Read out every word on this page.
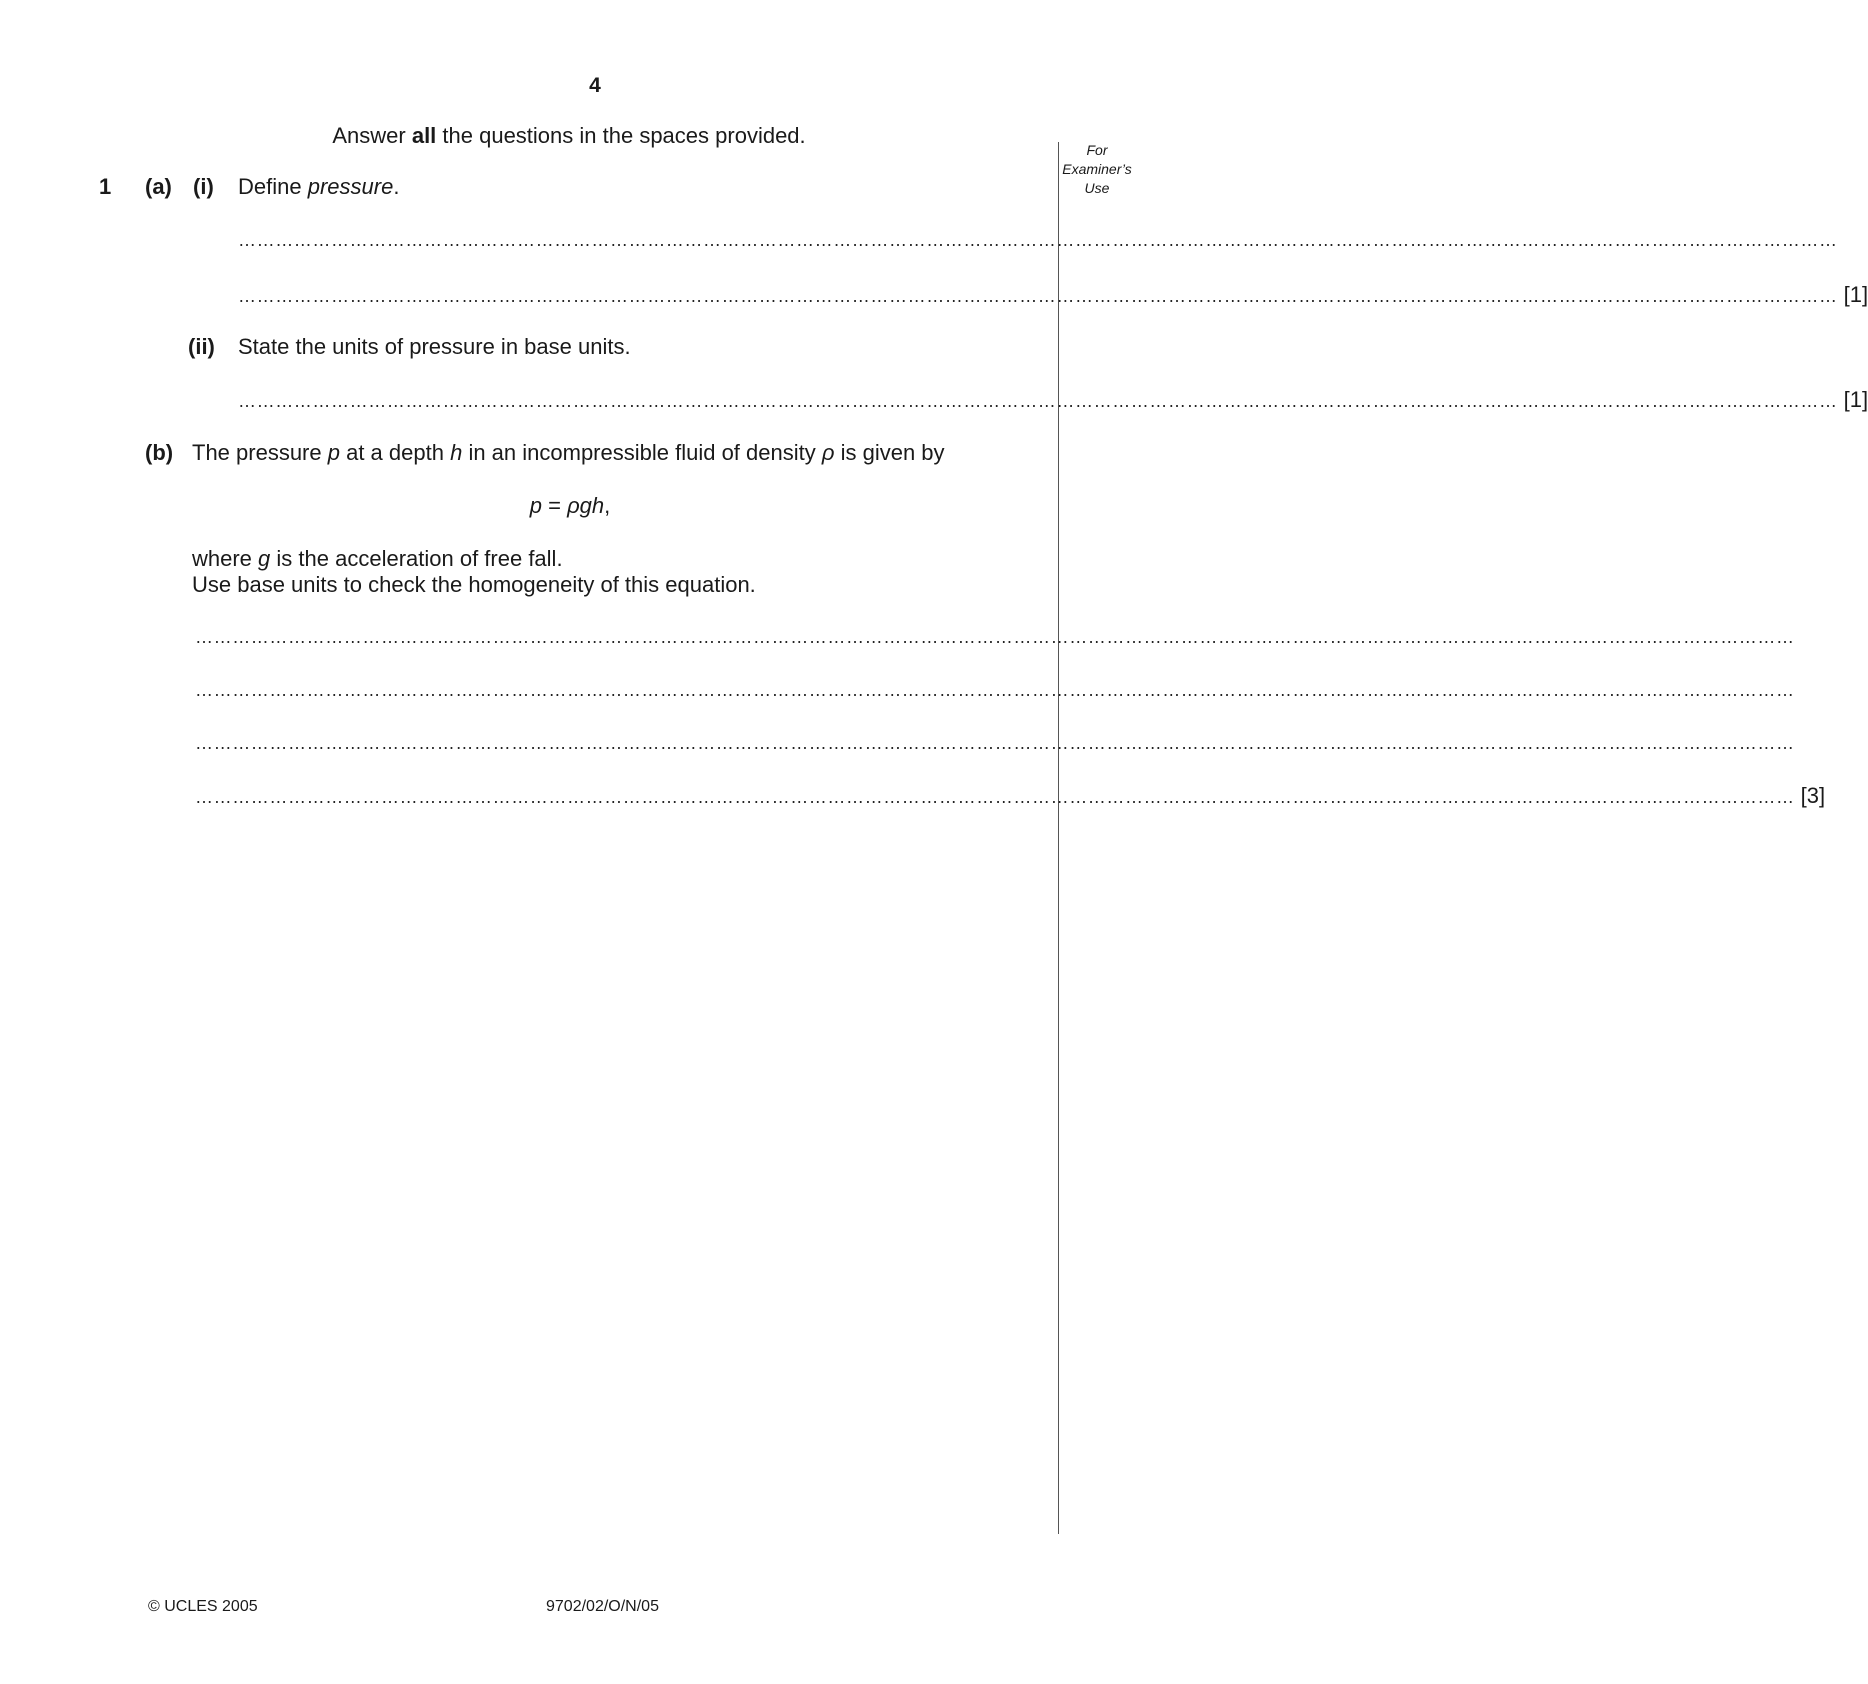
4
Answer all the questions in the spaces provided.
For
Examiner’s
Use
1 (a) (i) Define pressure.
……………………………………………………………………………………………………………………………………………………………………………………………………………………………………
…………………………………………………………………………………………………………………………………………………………………………………………………………………………………… [1]
(ii) State the units of pressure in base units.
…………………………………………………………………………………………………………………………………………………………………………………………………………………………………… [1]
(b) The pressure p at a depth h in an incompressible fluid of density ρ is given by
p = ρgh,
where g is the acceleration of free fall.
Use base units to check the homogeneity of this equation.
……………………………………………………………………………………………………………………………………………………………………………………………………………………………………
……………………………………………………………………………………………………………………………………………………………………………………………………………………………………
……………………………………………………………………………………………………………………………………………………………………………………………………………………………………
…………………………………………………………………………………………………………………………………………………………………………………………………………………………………… [3]
© UCLES 2005	9702/02/O/N/05
